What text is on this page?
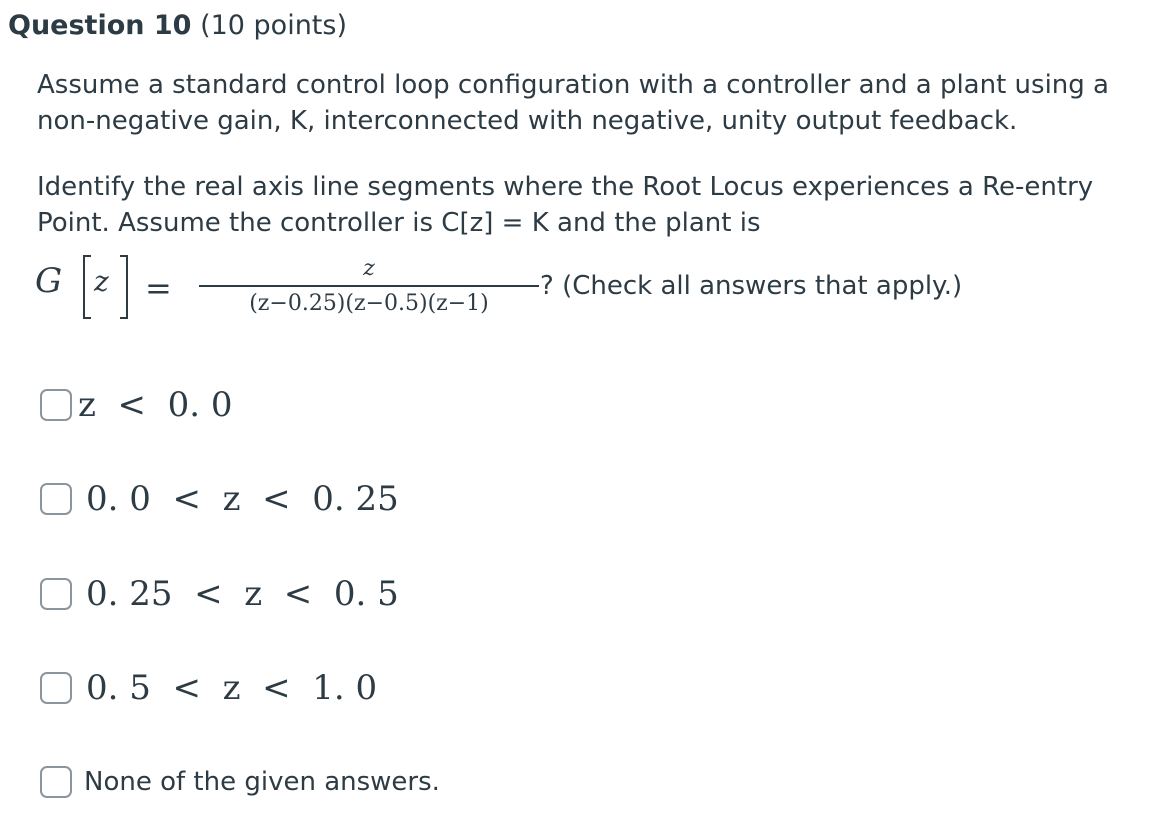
Question 10 (10 points)
Assume a standard control loop configuration with a controller and a plant using a
non-negative gain, K, interconnected with negative, unity output feedback.
Identify the real axis line segments where the Root Locus experiences a Re-entry
Point. Assume the controller is C[z] = K and the plant is
G z =
z
(z−0.25)(z−0.5)(z−1)
? (Check all answers that apply.)
z  <  0. 0
0. 0  <  z  <  0. 25
0. 25  <  z  <  0. 5
0. 5  <  z  <  1. 0
None of the given answers.
